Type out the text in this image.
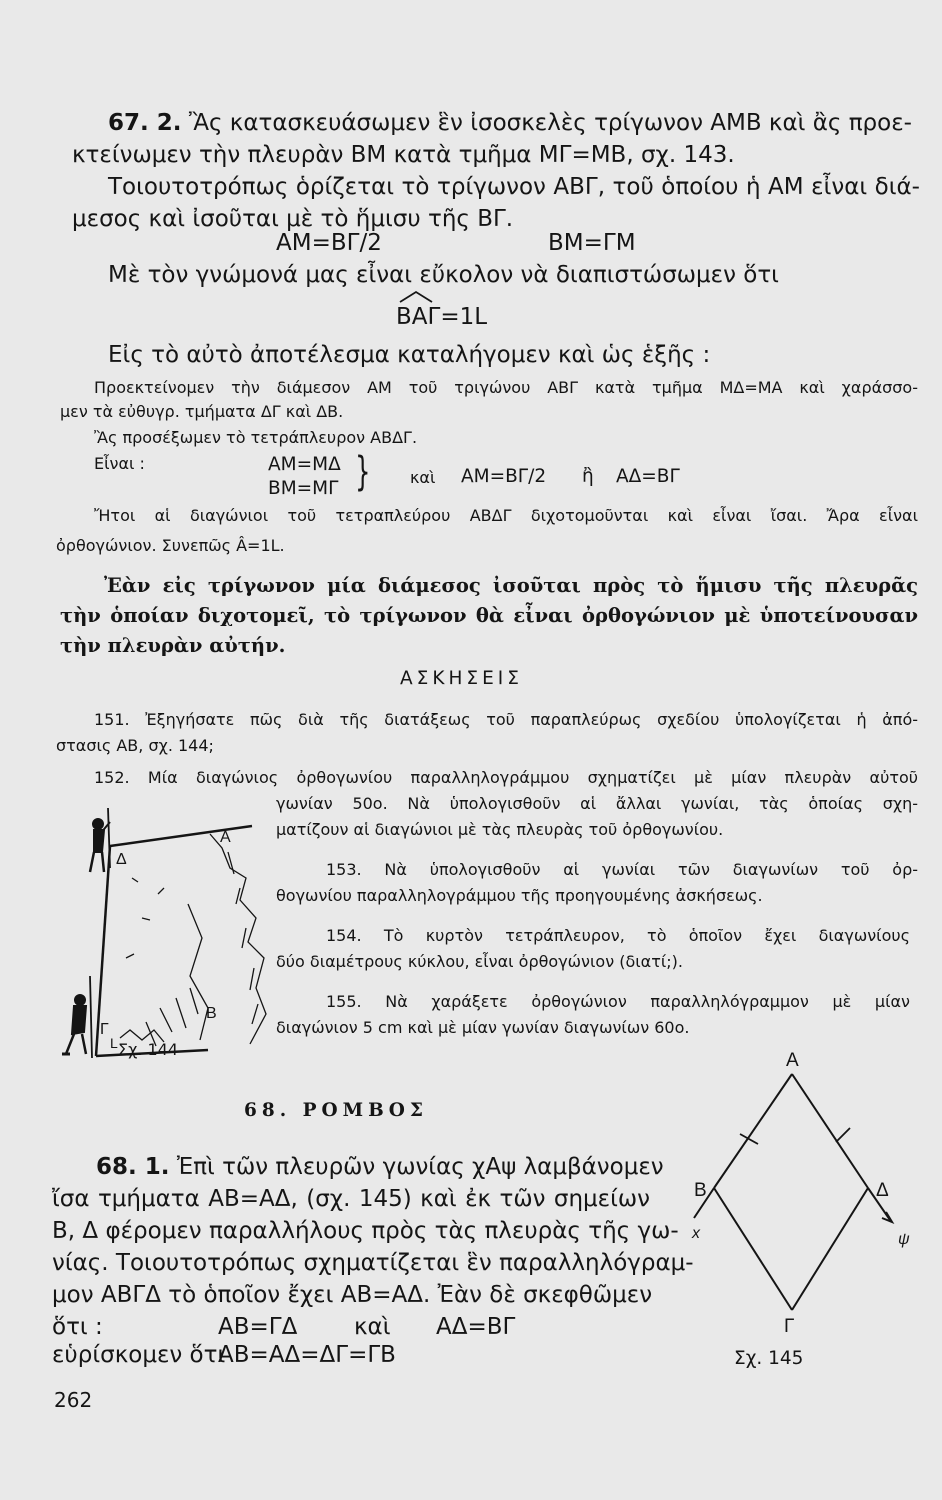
67. 2. Ἂς κατασκευάσωμεν ἓν ἰσοσκελὲς τρίγωνον ΑΜΒ καὶ ἂς προε-
κτείνωμεν τὴν πλευρὰν ΒΜ κατὰ τμῆμα ΜΓ=ΜΒ, σχ. 143.
Τοιουτοτρόπως ὁρίζεται τὸ τρίγωνον ΑΒΓ, τοῦ ὁποίου ἡ ΑΜ εἶναι διά-
μεσος καὶ ἰσοῦται μὲ τὸ ἥμισυ τῆς ΒΓ.
AM=ΒΓ/2	BM=ΓΜ
Μὲ τὸν γνώμονά μας εἶναι εὔκολον νὰ διαπιστώσωμεν ὅτι
ΒΑΓ=1L
Εἰς τὸ αὐτὸ ἀποτέλεσμα καταλήγομεν καὶ ὡς ἑξῆς :
Προεκτείνομεν τὴν διάμεσον ΑΜ τοῦ τριγώνου ΑΒΓ κατὰ τμῆμα ΜΔ=ΜΑ καὶ χαράσσο-
μεν τὰ εὐθυγρ. τμήματα ΔΓ καὶ ΔΒ.
Ἂς προσέξωμεν τὸ τετράπλευρον ΑΒΔΓ.
Εἶναι :	ΑΜ=ΜΔ
ΒΜ=ΜΓ } καὶ ΑΜ=ΒΓ/2 ἢ ΑΔ=ΒΓ
Ἤτοι αἱ διαγώνιοι τοῦ τετραπλεύρου ΑΒΔΓ διχοτομοῦνται καὶ εἶναι ἴσαι. Ἄρα εἶναι
ὀρθογώνιον. Συνεπῶς Â=1L.
Ἐὰν εἰς τρίγωνον μία διάμεσος ἰσοῦται πρὸς τὸ ἥμισυ τῆς πλευρᾶς
τὴν ὁποίαν διχοτομεῖ, τὸ τρίγωνον θὰ εἶναι ὀρθογώνιον μὲ ὑποτείνουσαν
τὴν πλευρὰν αὐτήν.
ΑΣΚΗΣΕΙΣ
151. Ἐξηγήσατε πῶς διὰ τῆς διατάξεως τοῦ παραπλεύρως σχεδίου ὑπολογίζεται ἡ ἀπό-
στασις ΑΒ, σχ. 144;
152. Μία διαγώνιος ὀρθογωνίου παραλληλογράμμου σχηματίζει μὲ μίαν πλευρὰν αὐτοῦ
γωνίαν 50ο. Νὰ ὑπολογισθοῦν αἱ ἄλλαι γωνίαι, τὰς ὁποίας σχη-
ματίζουν αἱ διαγώνιοι μὲ τὰς πλευρὰς τοῦ ὀρθογωνίου.
153. Νὰ ὑπολογισθοῦν αἱ γωνίαι τῶν διαγωνίων τοῦ ὀρ-
θογωνίου παραλληλογράμμου τῆς προηγουμένης ἀσκήσεως.
154. Τὸ κυρτὸν τετράπλευρον, τὸ ὁποῖον ἔχει διαγωνίους
δύο διαμέτρους κύκλου, εἶναι ὀρθογώνιον (διατί;).
155. Νὰ χαράξετε ὀρθογώνιον παραλληλόγραμμον μὲ μίαν
διαγώνιον 5 cm καὶ μὲ μίαν γωνίαν διαγωνίων 60ο.
Α
Δ
Γ
L
Β
Σχ. 144
68. ΡΟΜΒΟΣ
68. 1. Ἐπὶ τῶν πλευρῶν γωνίας χΑψ λαμβάνομεν
ἴσα τμήματα ΑΒ=ΑΔ, (σχ. 145) καὶ ἐκ τῶν σημείων
Β, Δ φέρομεν παραλλήλους πρὸς τὰς πλευρὰς τῆς γω-
νίας. Τοιουτοτρόπως σχηματίζεται ἓν παραλληλόγραμ-
μον ΑΒΓΔ τὸ ὁποῖον ἔχει ΑΒ=ΑΔ. Ἐὰν δὲ σκεφθῶμεν
ὅτι :	ΑΒ=ΓΔ καὶ ΑΔ=ΒΓ
εὑρίσκομεν ὅτι
ΑΒ=ΑΔ=ΔΓ=ΓΒ
Α
Β	Δ
Γ
x	ψ
Σχ. 145
262
